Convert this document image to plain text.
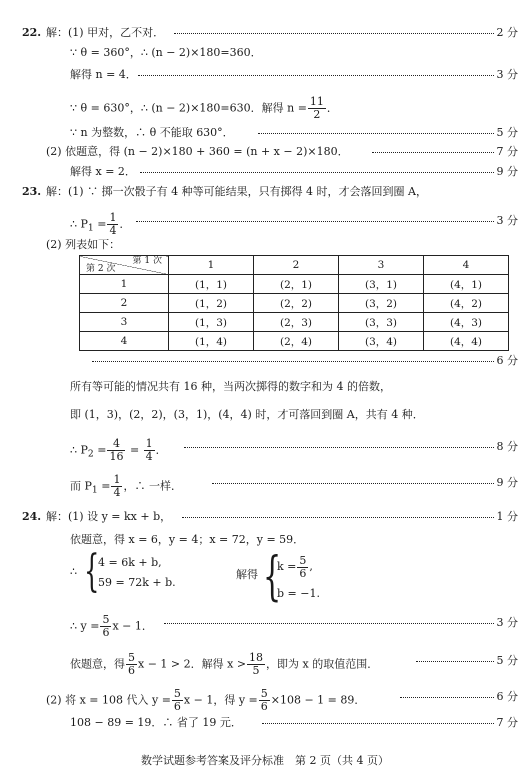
22. 解：(1) 甲对，乙不对．	2 分
∵ θ = 360°，∴ (n − 2)×180=360．
解得 n = 4．	3 分
∵ θ = 630°，∴ (n − 2)×180=630．解得 $n = \frac{11}{2}$ ．
∵ n 为整数，∴ θ 不能取 630°．	5 分
(2) 依题意，得 (n − 2)×180 + 360 = (n + x − 2)×180．	7 分
解得 x = 2．	9 分
23. 解：(1) ∵ 掷一次骰子有 4 种等可能结果，只有掷得 4 时，才会落回到圈 A，
∴ $P_1 = \frac{1}{4}$ ．	3 分
(2) 列表如下：
第 1 次
第 2 次	1	2	3	4
1	(1，1)	(2，1)	(3，1)	(4，1)
2	(1，2)	(2，2)	(3，2)	(4，2)
3	(1，3)	(2，3)	(3，3)	(4，3)
4	(1，4)	(2，4)	(3，4)	(4，4)
6 分
所有等可能的情况共有 16 种，当两次掷得的数字和为 4 的倍数，
即 (1，3)，(2，2)，(3，1)，(4，4) 时，才可落回到圈 A，共有 4 种．
∴ $P_2 = \frac{4}{16} = \frac{1}{4}$ ．	8 分
而 $P_1 = \frac{1}{4}$ ，∴ 一样．	9 分
24. 解：(1) 设 y = kx + b，	1 分
依题意，得 x = 6，y = 4；x = 72，y = 59．
∴ {
4 = 6k + b,
59 = 72k + b.
解得 {
$k = \frac{5}{6}$ ,
b = −1.
∴ $y = \frac{5}{6}$ x − 1．	3 分
依题意，得 $\frac{5}{6}$ x − 1 > 2．解得 $x > \frac{18}{5}$ ，即为 x 的取值范围．	5 分
(2) 将 x = 108 代入 $y = \frac{5}{6}$ x − 1，得 $y = \frac{5}{6} \times 108 - 1 = 89$．	6 分
108 − 89 = 19．∴ 省了 19 元．	7 分
数学试题参考答案及评分标准　第 2 页（共 4 页）
